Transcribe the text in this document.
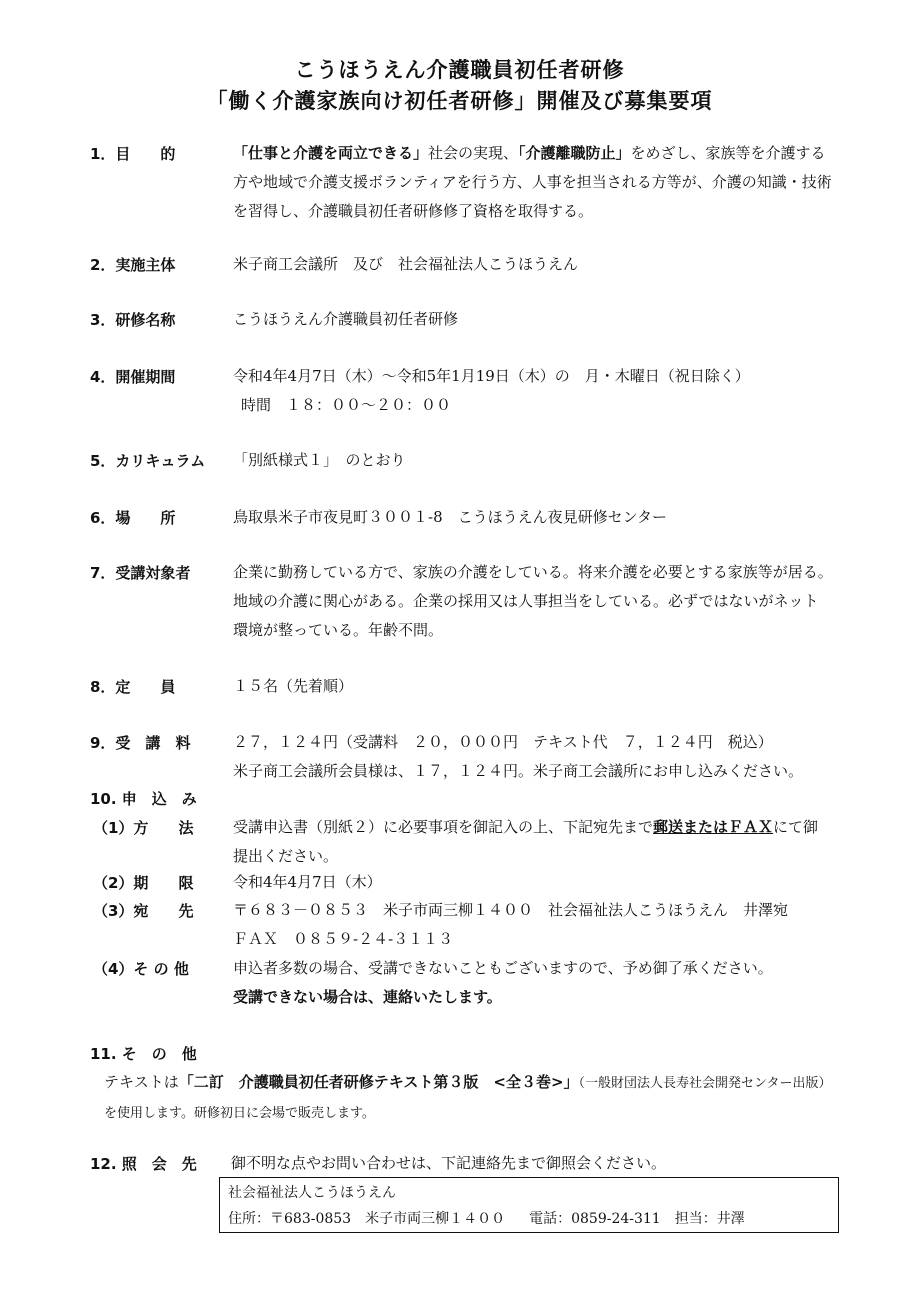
こうほうえん介護職員初任者研修
「働く介護家族向け初任者研修」開催及び募集要項
1．目　　的	「仕事と介護を両立できる」社会の実現、「介護離職防止」をめざし、家族等を介護する方や地域で介護支援ボランティアを行う方、人事を担当される方等が、介護の知識・技術を習得し、介護職員初任者研修修了資格を取得する。
2．実施主体	米子商工会議所　及び　社会福祉法人こうほうえん
3．研修名称	こうほうえん介護職員初任者研修
4．開催期間	令和4年4月7日（木）～令和5年1月19日（木）の　月・木曜日（祝日除く）
時間　１８：００～２０：００
5．カリキュラム 「別紙様式１」　のとおり
6．場　　所	鳥取県米子市夜見町３００１-8　こうほうえん夜見研修センター
7．受講対象者	企業に勤務している方で、家族の介護をしている。将来介護を必要とする家族等が居る。地域の介護に関心がある。企業の採用又は人事担当をしている。必ずではないがネット環境が整っている。年齢不問。
8．定　　員	１５名（先着順）
9．受　講　料	２７，１２４円（受講料　２０，０００円　テキスト代　７，１２４円　税込）
米子商工会議所会員様は、１７，１２４円。米子商工会議所にお申し込みください。
10. 申　込　み
（1）方　　法	受講申込書（別紙２）に必要事項を御記入の上、下記宛先まで郵送またはＦＡＸにて御提出ください。
（2）期　　限	令和4年4月7日（木）
（3）宛　　先	〒６８３－０８５３　米子市両三柳１４００　社会福祉法人こうほうえん　井澤宛
ＦＡＸ　０８５９-２４-３１１３
（4）そ の 他	申込者多数の場合、受講できないこともございますので、予め御了承ください。
受講できない場合は、連絡いたします。
11. そ　の　他
テキストは「二訂　介護職員初任者研修テキスト第３版　<全３巻>」（一般財団法人長寿社会開発センター出版）を使用します。研修初日に会場で販売します。
12. 照　会　先 御不明な点やお問い合わせは、下記連絡先まで御照会ください。
社会福祉法人こうほうえん
住所：〒683-0853　米子市両三柳１４００ 電話：0859-24-311 担当：井澤
